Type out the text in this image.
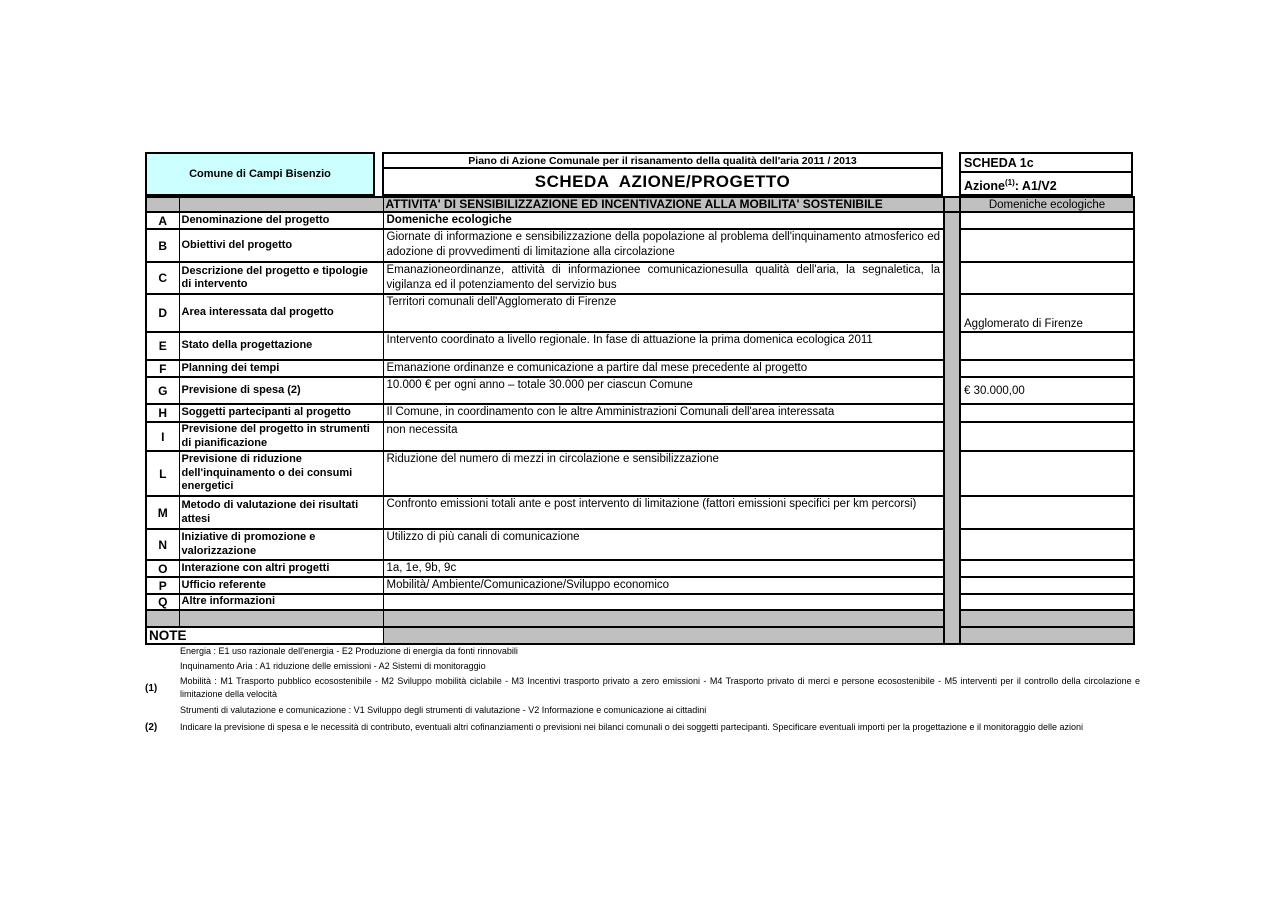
Comune di Campi Bisenzio
Piano di Azione Comunale per il risanamento della qualità dell'aria 2011 / 2013
SCHEDA  AZIONE/PROGETTO
SCHEDA 1c
Azione$^{(1)}$: A1/V2
		ATTIVITA' DI SENSIBILIZZAZIONE ED INCENTIVAZIONE ALLA MOBILITA' SOSTENIBILE		Domeniche ecologiche
A	Denominazione del progetto	Domeniche ecologiche		
B	Obiettivi del progetto	Giornate di informazione e sensibilizzazione della popolazione al problema dell'inquinamento atmosferico ed adozione di provvedimenti di limitazione alla circolazione		
C	Descrizione del progetto e tipologie di intervento	Emanazioneordinanze, attività di informazionee comunicazionesulla qualità dell'aria, la segnaletica, la vigilanza ed il potenziamento del servizio bus		
D	Area interessata dal progetto	Territori comunali dell'Agglomerato di Firenze		Agglomerato di Firenze
E	Stato della progettazione	Intervento coordinato a livello regionale. In fase di attuazione la prima domenica ecologica 2011		
F	Planning dei tempi	Emanazione ordinanze e comunicazione a partire dal mese precedente al progetto		
G	Previsione di spesa (2)	10.000 € per ogni anno – totale 30.000 per ciascun Comune		€ 30.000,00
H	Soggetti partecipanti al progetto	Il Comune, in coordinamento con le altre Amministrazioni Comunali dell'area interessata		
I	Previsione del progetto in strumenti di pianificazione	non necessita		
L	Previsione di riduzione dell'inquinamento o dei consumi energetici	Riduzione del numero di mezzi in circolazione e sensibilizzazione		
M	Metodo di valutazione dei risultati attesi	Confronto emissioni totali ante e post intervento di limitazione (fattori emissioni specifici per km percorsi)		
N	Iniziative di promozione e valorizzazione	Utilizzo di più canali di comunicazione		
O	Interazione con altri progetti	1a, 1e, 9b, 9c		
P	Ufficio referente	Mobilità/ Ambiente/Comunicazione/Sviluppo economico		
Q	Altre informazioni			

NOTE				
Energia : E1 uso razionale dell'energia - E2 Produzione di energia da fonti rinnovabili
Inquinamento Aria : A1 riduzione delle emissioni - A2 Sistemi di monitoraggio
(1)
Mobilità : M1 Trasporto pubblico ecosostenibile - M2 Sviluppo mobilità ciclabile - M3 Incentivi trasporto privato a zero emissioni - M4 Trasporto privato di merci e persone ecosostenibile - M5 interventi per il controllo della circolazione e limitazione della velocità
Strumenti di valutazione e comunicazione : V1 Sviluppo degli strumenti di valutazione - V2 Informazione e comunicazione ai cittadini
(2)	Indicare la previsione di spesa e le necessità di contributo, eventuali altri cofinanziamenti o previsioni nei bilanci comunali o dei soggetti partecipanti. Specificare eventuali importi per la progettazione e il monitoraggio delle azioni
